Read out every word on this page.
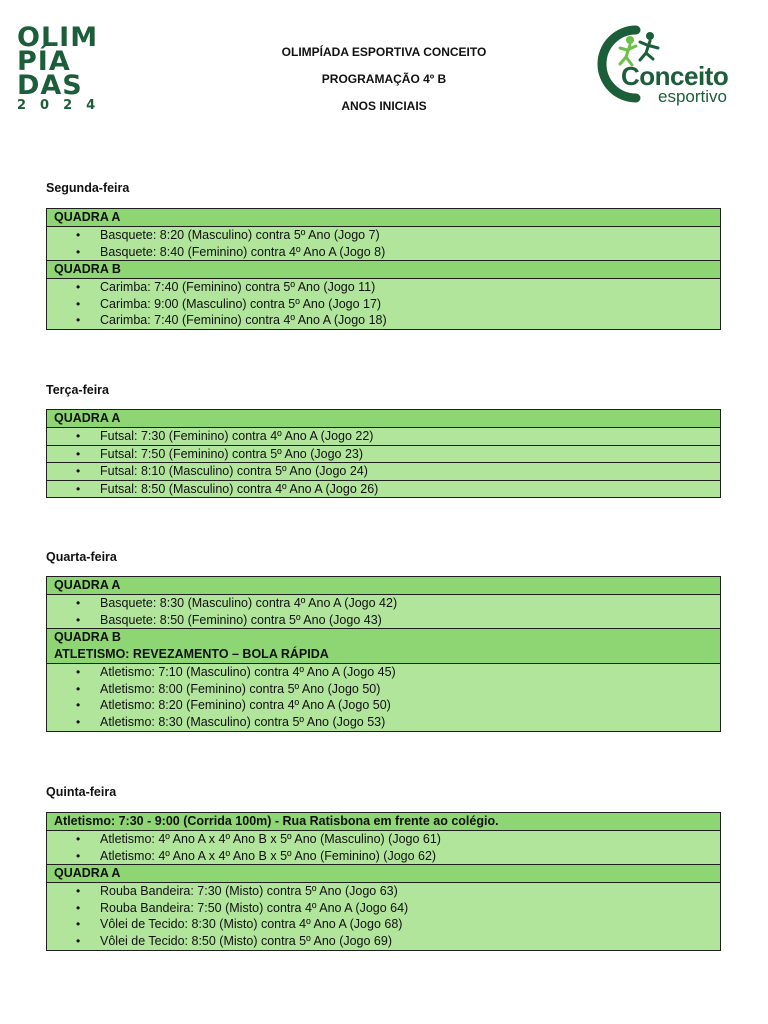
OLIM
PÍA
DAS
2024
OLIMPÍADA ESPORTIVA CONCEITO
PROGRAMAÇÃO 4º B
ANOS INICIAIS
Conceito
esportivo
Segunda-feira
QUADRA A
• Basquete: 8:20 (Masculino) contra 5º Ano (Jogo 7)
• Basquete: 8:40 (Feminino) contra 4º Ano A (Jogo 8)
QUADRA B
• Carimba: 7:40 (Feminino) contra 5º Ano (Jogo 11)
• Carimba: 9:00 (Masculino) contra 5º Ano (Jogo 17)
• Carimba: 7:40 (Feminino) contra 4º Ano A (Jogo 18)
Terça-feira
QUADRA A
• Futsal: 7:30 (Feminino) contra 4º Ano A (Jogo 22)
• Futsal: 7:50 (Feminino) contra 5º Ano (Jogo 23)
• Futsal: 8:10 (Masculino) contra 5º Ano (Jogo 24)
• Futsal: 8:50 (Masculino) contra 4º Ano A (Jogo 26)
Quarta-feira
QUADRA A
• Basquete: 8:30 (Masculino) contra 4º Ano A (Jogo 42)
• Basquete: 8:50 (Feminino) contra 5º Ano (Jogo 43)
QUADRA B
ATLETISMO: REVEZAMENTO – BOLA RÁPIDA
• Atletismo: 7:10 (Masculino) contra 4º Ano A (Jogo 45)
• Atletismo: 8:00 (Feminino) contra 5º Ano (Jogo 50)
• Atletismo: 8:20 (Feminino) contra 4º Ano A (Jogo 50)
• Atletismo: 8:30 (Masculino) contra 5º Ano (Jogo 53)
Quinta-feira
Atletismo: 7:30 - 9:00 (Corrida 100m) - Rua Ratisbona em frente ao colégio.
• Atletismo: 4º Ano A x 4º Ano B x 5º Ano (Masculino) (Jogo 61)
• Atletismo: 4º Ano A x 4º Ano B x 5º Ano (Feminino) (Jogo 62)
QUADRA A
• Rouba Bandeira: 7:30 (Misto) contra 5º Ano (Jogo 63)
• Rouba Bandeira: 7:50 (Misto) contra 4º Ano A (Jogo 64)
• Vôlei de Tecido: 8:30 (Misto) contra 4º Ano A (Jogo 68)
• Vôlei de Tecido: 8:50 (Misto) contra 5º Ano (Jogo 69)
